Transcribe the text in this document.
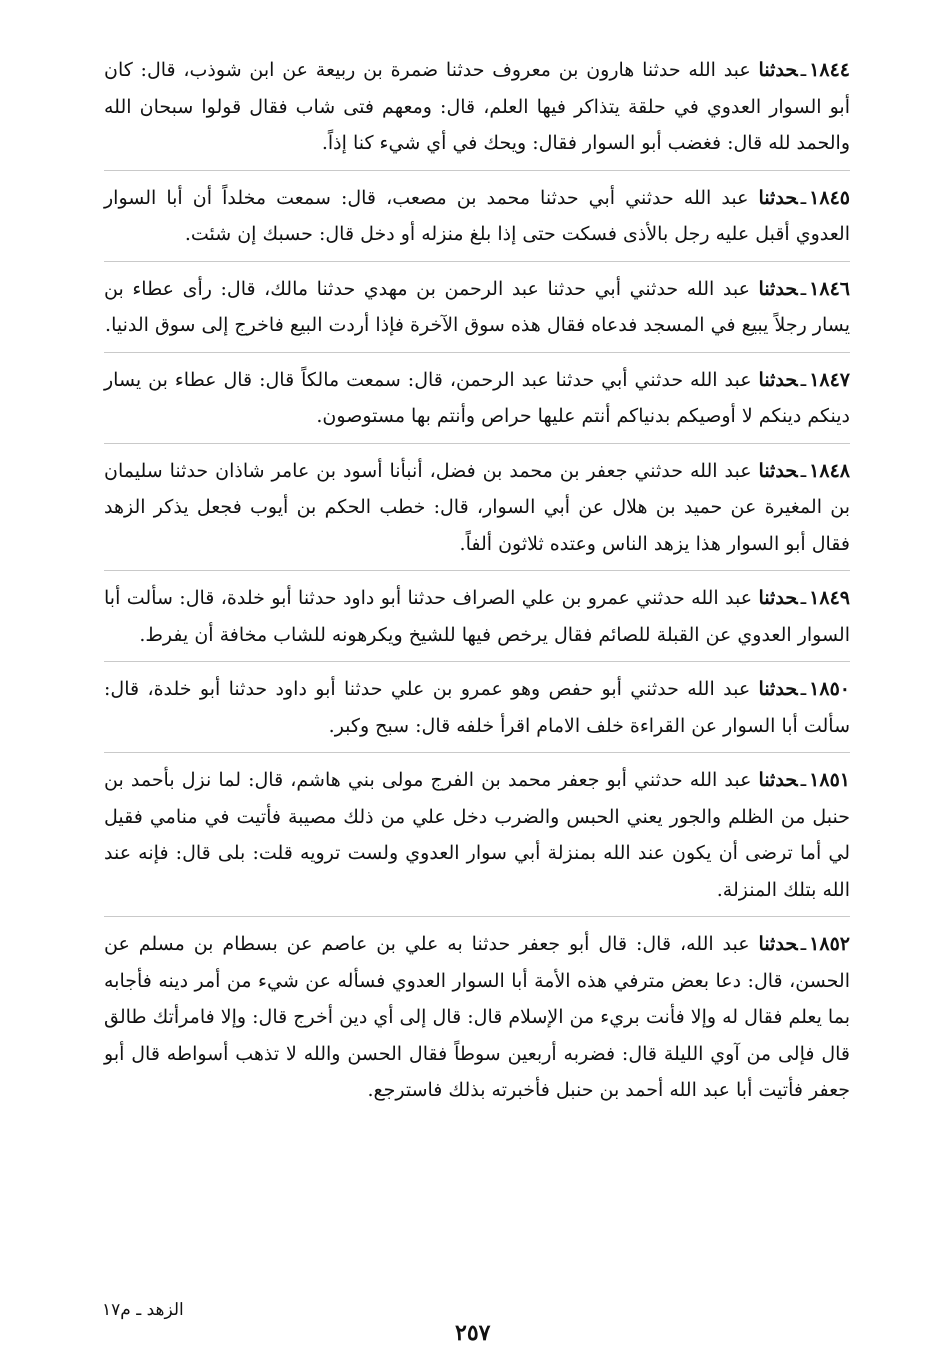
١٨٤٤ـحدثنا عبد الله حدثنا هارون بن معروف حدثنا ضمرة بن ربيعة عن ابن شوذب، قال: كان أبو السوار العدوي في حلقة يتذاكر فيها العلم، قال: ومعهم فتى شاب فقال قولوا سبحان الله والحمد لله قال: فغضب أبو السوار فقال: ويحك في أي شيء كنا إذاً.

١٨٤٥ـحدثنا عبد الله حدثني أبي حدثنا محمد بن مصعب، قال: سمعت مخلداً أن أبا السوار العدوي أقبل عليه رجل بالأذى فسكت حتى إذا بلغ منزله أو دخل قال: حسبك إن شئت.

١٨٤٦ـحدثنا عبد الله حدثني أبي حدثنا عبد الرحمن بن مهدي حدثنا مالك، قال: رأى عطاء بن يسار رجلاً يبيع في المسجد فدعاه فقال هذه سوق الآخرة فإذا أردت البيع فاخرج إلى سوق الدنيا.

١٨٤٧ـحدثنا عبد الله حدثني أبي حدثنا عبد الرحمن، قال: سمعت مالكاً قال: قال عطاء بن يسار دينكم دينكم لا أوصيكم بدنياكم أنتم عليها حراص وأنتم بها مستوصون.

١٨٤٨ـحدثنا عبد الله حدثني جعفر بن محمد بن فضل، أنبأنا أسود بن عامر شاذان حدثنا سليمان بن المغيرة عن حميد بن هلال عن أبي السوار، قال: خطب الحكم بن أيوب فجعل يذكر الزهد فقال أبو السوار هذا يزهد الناس وعتده ثلاثون ألفاً.

١٨٤٩ـحدثنا عبد الله حدثني عمرو بن علي الصراف حدثنا أبو داود حدثنا أبو خلدة، قال: سألت أبا السوار العدوي عن القبلة للصائم فقال يرخص فيها للشيخ ويكرهونه للشاب مخافة أن يفرط.

١٨٥٠ـحدثنا عبد الله حدثني أبو حفص وهو عمرو بن علي حدثنا أبو داود حدثنا أبو خلدة، قال: سألت أبا السوار عن القراءة خلف الامام اقرأ خلفه قال: سبح وكبر.

١٨٥١ـحدثنا عبد الله حدثني أبو جعفر محمد بن الفرج مولى بني هاشم، قال: لما نزل بأحمد بن حنبل من الظلم والجور يعني الحبس والضرب دخل علي من ذلك مصيبة فأتيت في منامي فقيل لي أما ترضى أن يكون عند الله بمنزلة أبي سوار العدوي ولست ترويه قلت: بلى قال: فإنه عند الله بتلك المنزلة.

١٨٥٢ـحدثنا عبد الله، قال: قال أبو جعفر حدثنا به علي بن عاصم عن بسطام بن مسلم عن الحسن، قال: دعا بعض مترفي هذه الأمة أبا السوار العدوي فسأله عن شيء من أمر دينه فأجابه بما يعلم فقال له وإلا فأنت بريء من الإسلام قال: قال إلى أي دين أخرج قال: وإلا فامرأتك طالق قال فإلى من آوي الليلة قال: فضربه أربعين سوطاً فقال الحسن والله لا تذهب أسواطه قال أبو جعفر فأتيت أبا عبد الله أحمد بن حنبل فأخبرته بذلك فاسترجع.

الزهد ـ م١٧
٢٥٧
